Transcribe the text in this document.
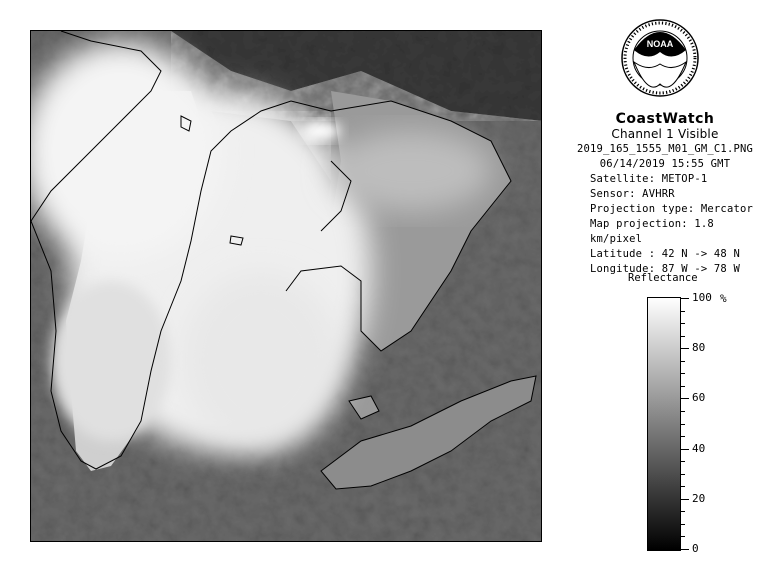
NOAA
CoastWatch
Channel 1 Visible
2019_165_1555_M01_GM_C1.PNG
06/14/2019 15:55 GMT
Satellite: METOP-1
Sensor: AVHRR
Projection type: Mercator
Map projection: 1.8 km/pixel
Latitude : 42 N -> 48 N
Longitude: 87 W -> 78 W
Reflectance
%
100
80
60
40
20
0
